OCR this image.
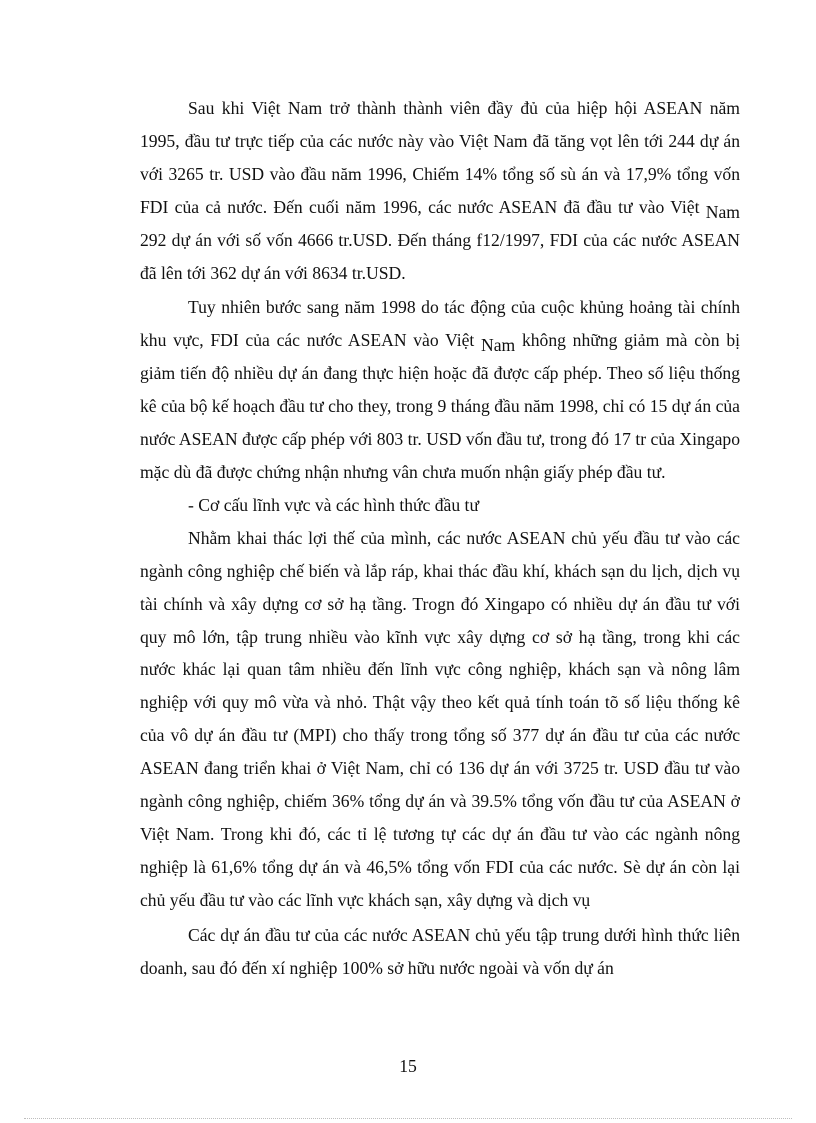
Sau khi Việt Nam trở thành thành viên đầy đủ của hiệp hội ASEAN năm 1995, đầu tư trực tiếp của các nước này vào Việt Nam đã tăng vọt lên tới 244 dự án với 3265 tr. USD vào đầu năm 1996, Chiếm 14% tổng số sù án và 17,9% tổng vốn FDI của cả nước. Đến cuối năm 1996, các nước ASEAN đã đầu tư vào Việt Nam 292 dự án với số vốn 4666 tr.USD. Đến tháng f12/1997, FDI của các nước ASEAN đã lên tới 362 dự án với 8634 tr.USD.

Tuy nhiên bước sang năm 1998 do tác động của cuộc khủng hoảng tài chính khu vực, FDI của các nước ASEAN vào Việt Nam không những giảm mà còn bị giảm tiến độ nhiều dự án đang thực hiện hoặc đã được cấp phép. Theo số liệu thống kê của bộ kế hoạch đầu tư cho they, trong 9 tháng đầu năm 1998, chỉ có 15 dự án của nước ASEAN được cấp phép với 803 tr. USD vốn đầu tư, trong đó 17 tr của Xingapo mặc dù đã được chứng nhận nhưng vân chưa muốn nhận giấy phép đầu tư.

- Cơ cấu lĩnh vực và các hình thức đầu tư

Nhằm khai thác lợi thế của mình, các nước ASEAN chủ yếu đầu tư vào các ngành công nghiệp chế biến và lắp ráp, khai thác đầu khí, khách sạn du lịch, dịch vụ tài chính và xây dựng cơ sở hạ tầng. Trogn đó Xingapo có nhiều dự án đầu tư với quy mô lớn, tập trung nhiều vào kĩnh vực xây dựng cơ sở hạ tầng, trong khi các nước khác lại quan tâm nhiều đến lĩnh vực công nghiệp, khách sạn và nông lâm nghiệp với quy mô vừa và nhỏ. Thật vậy theo kết quả tính toán tõ số liệu thống kê của vô dự án đầu tư (MPI) cho thấy trong tổng số 377 dự án đầu tư của các nước ASEAN đang triển khai ở Việt Nam, chỉ có 136 dự án với 3725 tr. USD đầu tư vào ngành công nghiệp, chiếm 36% tổng dự án và 39.5% tổng vốn đầu tư của ASEAN ở Việt Nam. Trong khi đó, các tỉ lệ tương tự các dự án đầu tư vào các ngành nông nghiệp là 61,6% tổng dự án và 46,5% tổng vốn FDI của các nước. Sè dự án còn lại chủ yếu đầu tư vào các lĩnh vực khách sạn, xây dựng và dịch vụ

Các dự án đầu tư của các nước ASEAN chủ yếu tập trung dưới hình thức liên doanh, sau đó đến xí nghiệp 100% sở hữu nước ngoài và vốn dự án

15
